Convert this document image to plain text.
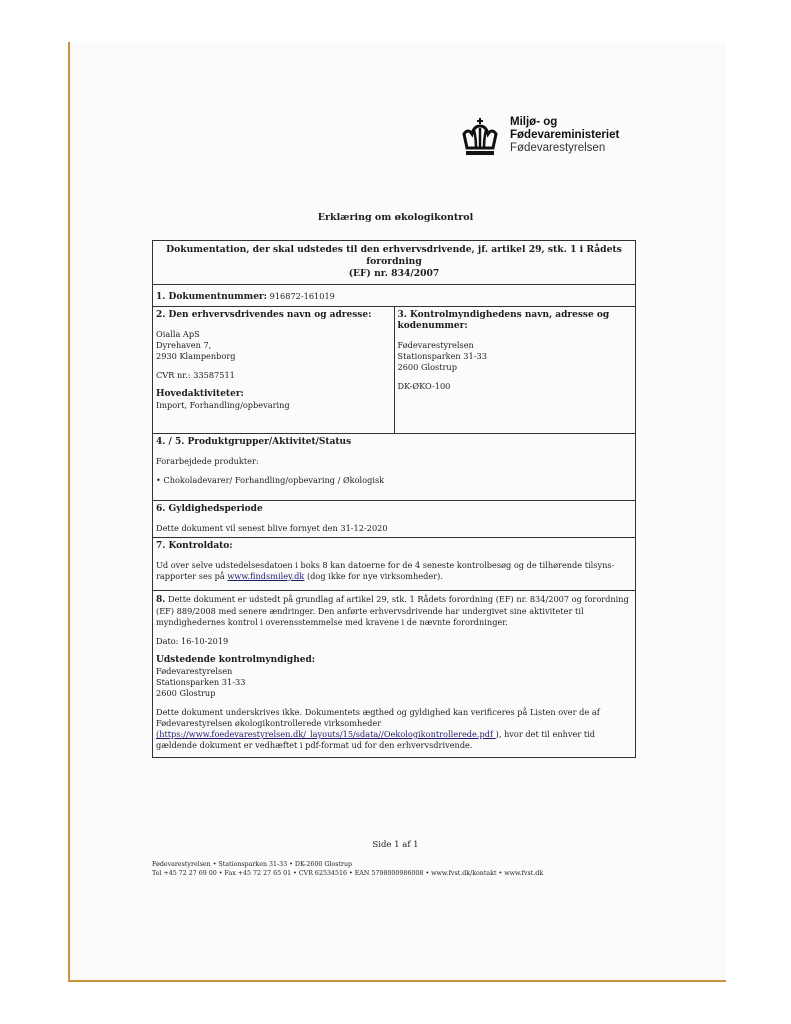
Miljø- og
Fødevareministeriet
Fødevarestyrelsen
Erklæring om økologikontrol
Dokumentation, der skal udstedes til den erhvervsdrivende, jf. artikel 29, stk. 1 i Rådets forordning
(EF) nr. 834/2007
1. Dokumentnummer: 916872-161019

2. Den erhvervsdrivendes navn og adresse:

Oialla ApS

Dyrehaven 7,

2930 Klampenborg

CVR nr.: 33587511

Hovedaktiviteter:

Import, Forhandling/opbevaring

3. Kontrolmyndighedens navn, adresse og

kodenummer:

Fødevarestyrelsen

Stationsparken 31-33

2600 Glostrup

DK-ØKO-100

4. / 5. Produktgrupper/Aktivitet/Status

Forarbejdede produkter:

• Chokoladevarer/ Forhandling/opbevaring / Økologisk

6. Gyldighedsperiode

Dette dokument vil senest blive fornyet den 31-12-2020

7. Kontroldato:

Ud over selve udstedelsesdatoen i boks 8 kan datoerne for de 4 seneste kontrolbesøg og de tilhørende tilsyns-

rapporter ses på www.findsmiley.dk (dog ikke for nye virksomheder).

8. Dette dokument er udstedt på grundlag af artikel 29, stk. 1 Rådets forordning (EF) nr. 834/2007 og forordning (EF) 889/2008 med senere ændringer. Den anførte erhvervsdrivende har undergivet sine aktiviteter til myndighedernes kontrol i overensstemmelse med kravene i de nævnte forordninger.

Dato: 16-10-2019

Udstedende kontrolmyndighed:

Fødevarestyrelsen

Stationsparken 31-33

2600 Glostrup

Dette dokument underskrives ikke. Dokumentets ægthed og gyldighed kan verificeres på Listen over de af Fødevarestyrelsen økologikontrollerede virksomheder (https://www.foedevarestyrelsen.dk/_layouts/15/sdata//Oekologikontrollerede.pdf ), hvor det til enhver tid gældende dokument er vedhæftet i pdf-format ud for den erhvervsdrivende.

Side 1 af 1
Fødevarestyrelsen • Stationsparken 31-33 • DK-2600 Glostrup
Tel +45 72 27 69 00 • Fax +45 72 27 65 01 • CVR 62534516 • EAN 5798000986008 • www.fvst.dk/kontakt • www.fvst.dk
